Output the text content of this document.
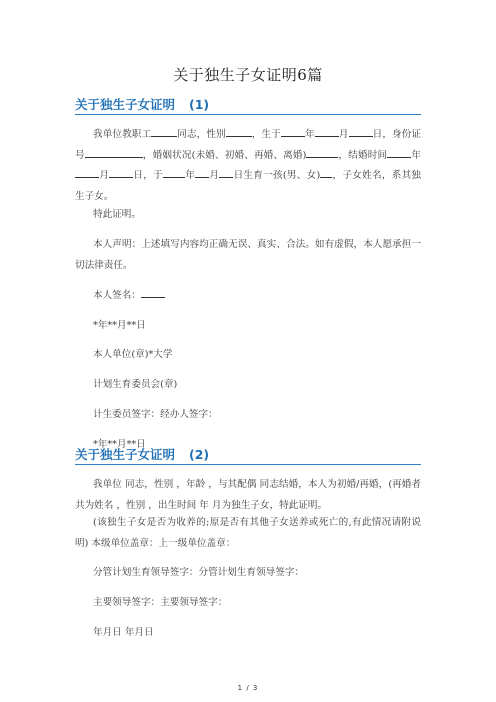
关于独生子女证明6篇
关于独生子女证明 (1)

我单位教职工	同志，性别	，生于	年	月	日，身份证号	，婚姻状况(未婚、初婚、再婚、离婚)	，结婚时间	年月	日，于 年 月 日生育一孩(男、女) ，子女姓名，系其独生子女。

特此证明。

本人声明：上述填写内容均正确无误、真实、合法。如有虚假，本人愿承担一切法律责任。

本人签名：

*年**月**日

本人单位(章)*大学

计划生育委员会(章)

计生委员签字：经办人签字：

*年**月**日

关于独生子女证明 (2)

我单位 同志，性别 ，年龄 ，与其配偶 同志结婚，本人为初婚/再婚，(再婚者共为姓名 ，性别 ，出生时间 年 月为独生子女，特此证明。

(该独生子女是否为收养的;原是否有其他子女送养或死亡的,有此情况请附说明) 本级单位盖章：上一级单位盖章：

分管计划生育领导签字：分管计划生育领导签字：

主要领导签字：主要领导签字：

年月日 年月日

1 / 3
